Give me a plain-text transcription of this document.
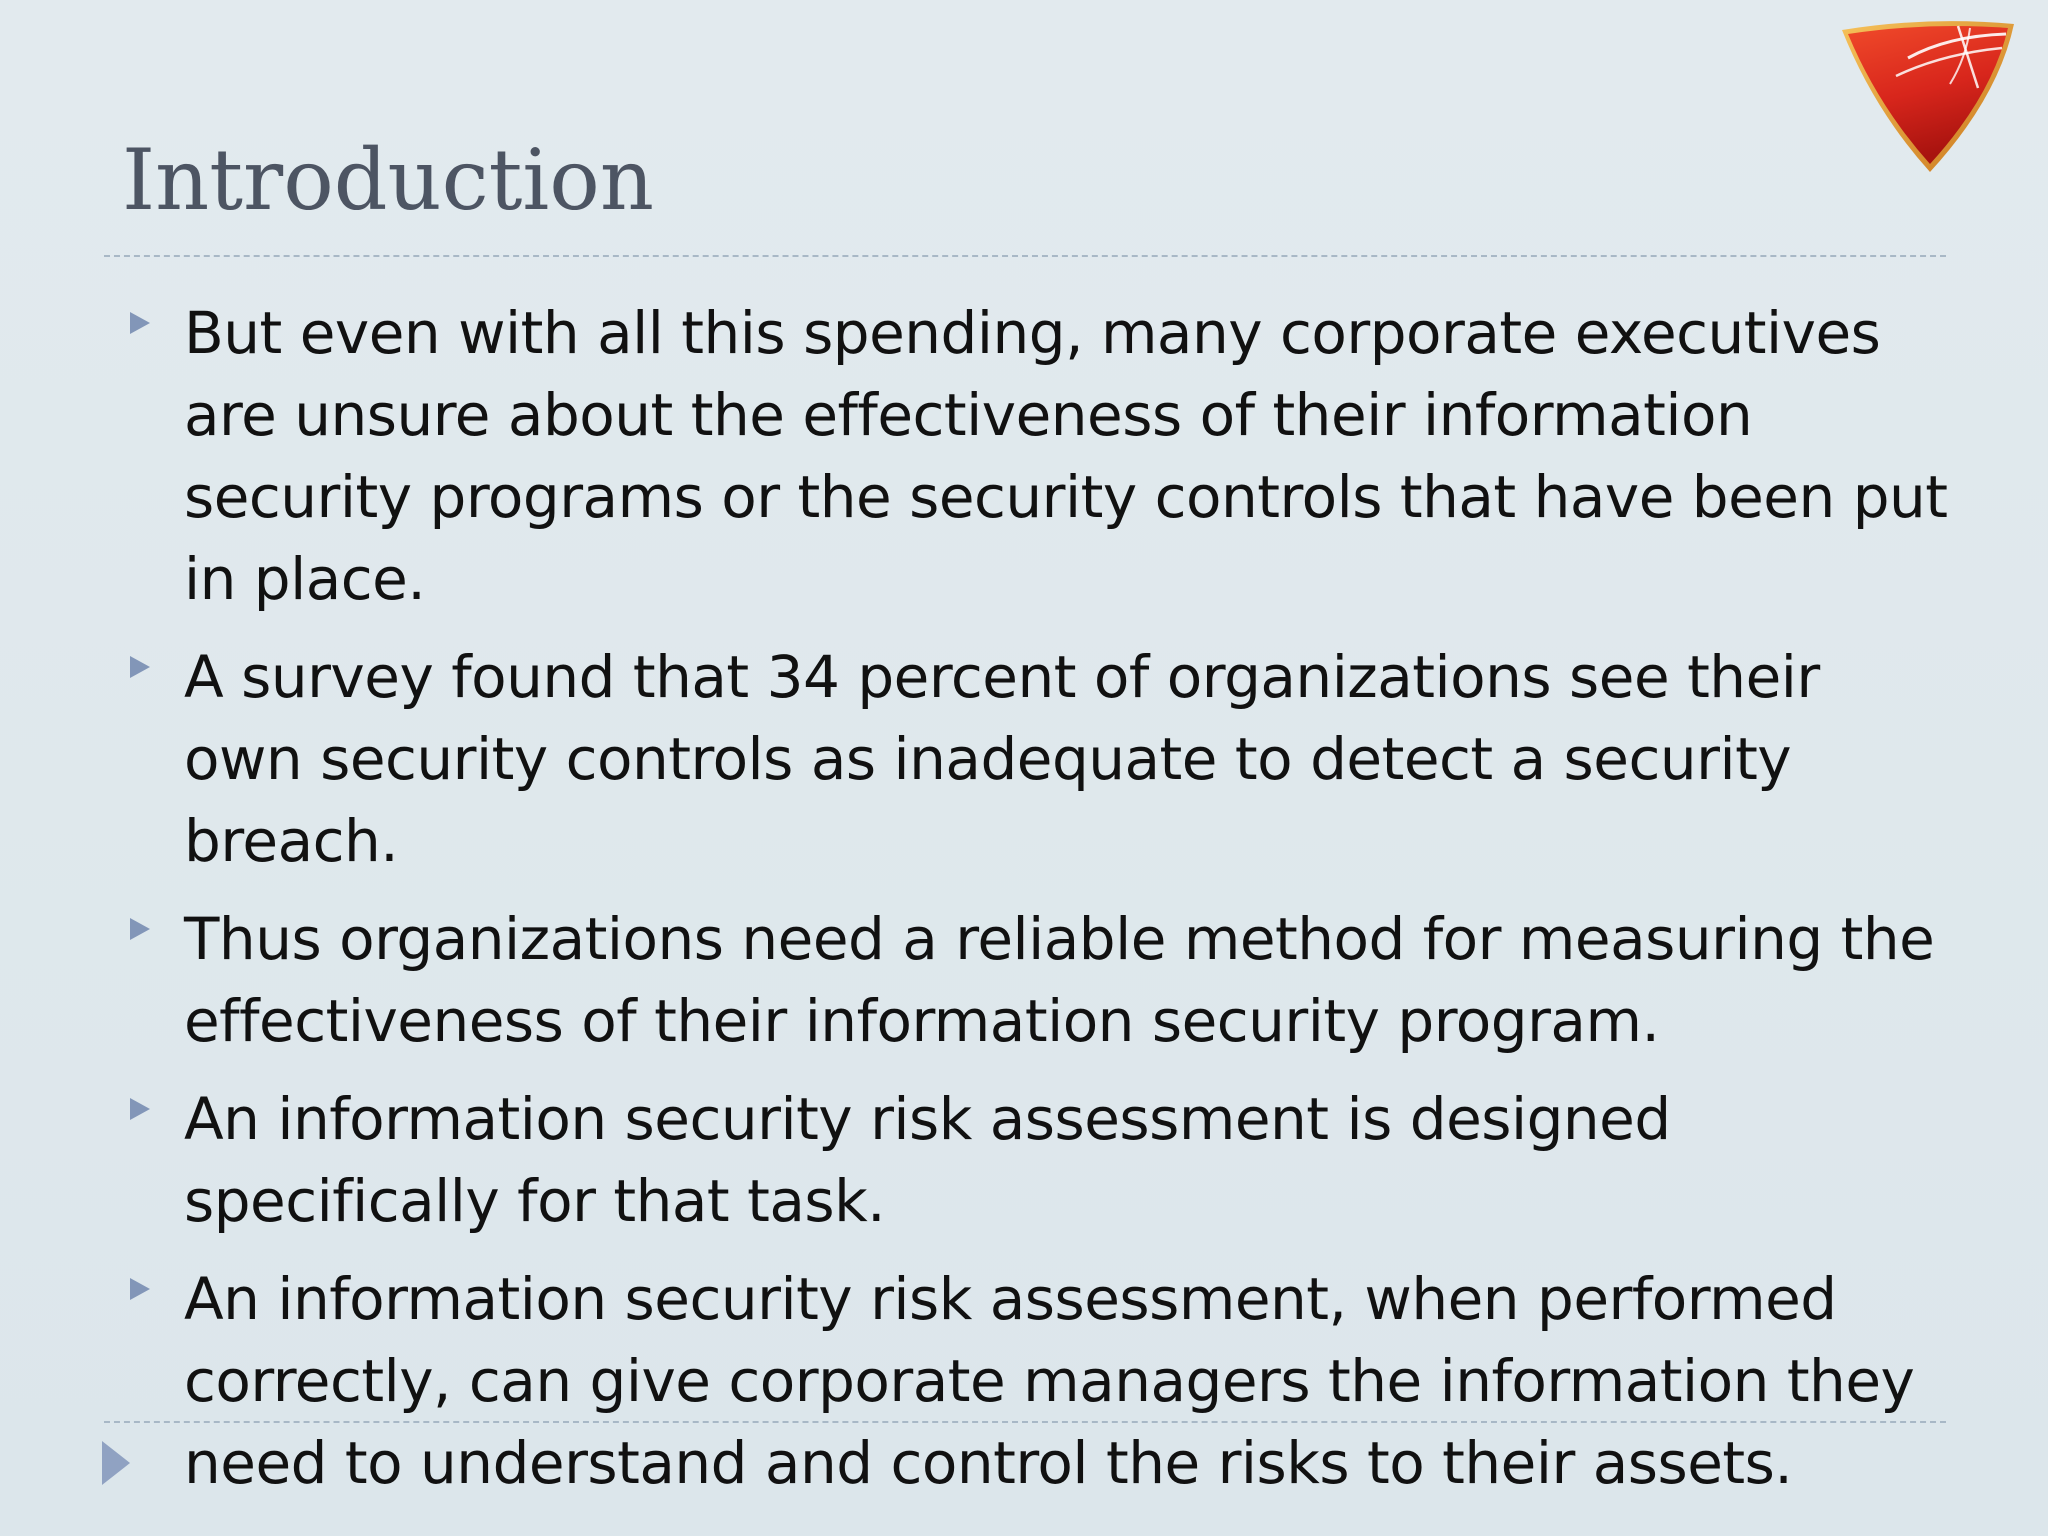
Introduction
But even with all this spending, many corporate executives are unsure about the effectiveness of their information security programs or the security controls that have been put in place.
A survey found that 34 percent of organizations see their own security controls as inadequate to detect a security breach.
Thus organizations need a reliable method for measuring the effectiveness of their information security program.
An information security risk assessment is designed specifically for that task.
An information security risk assessment, when performed correctly, can give corporate managers the information they need to understand and control the risks to their assets.
